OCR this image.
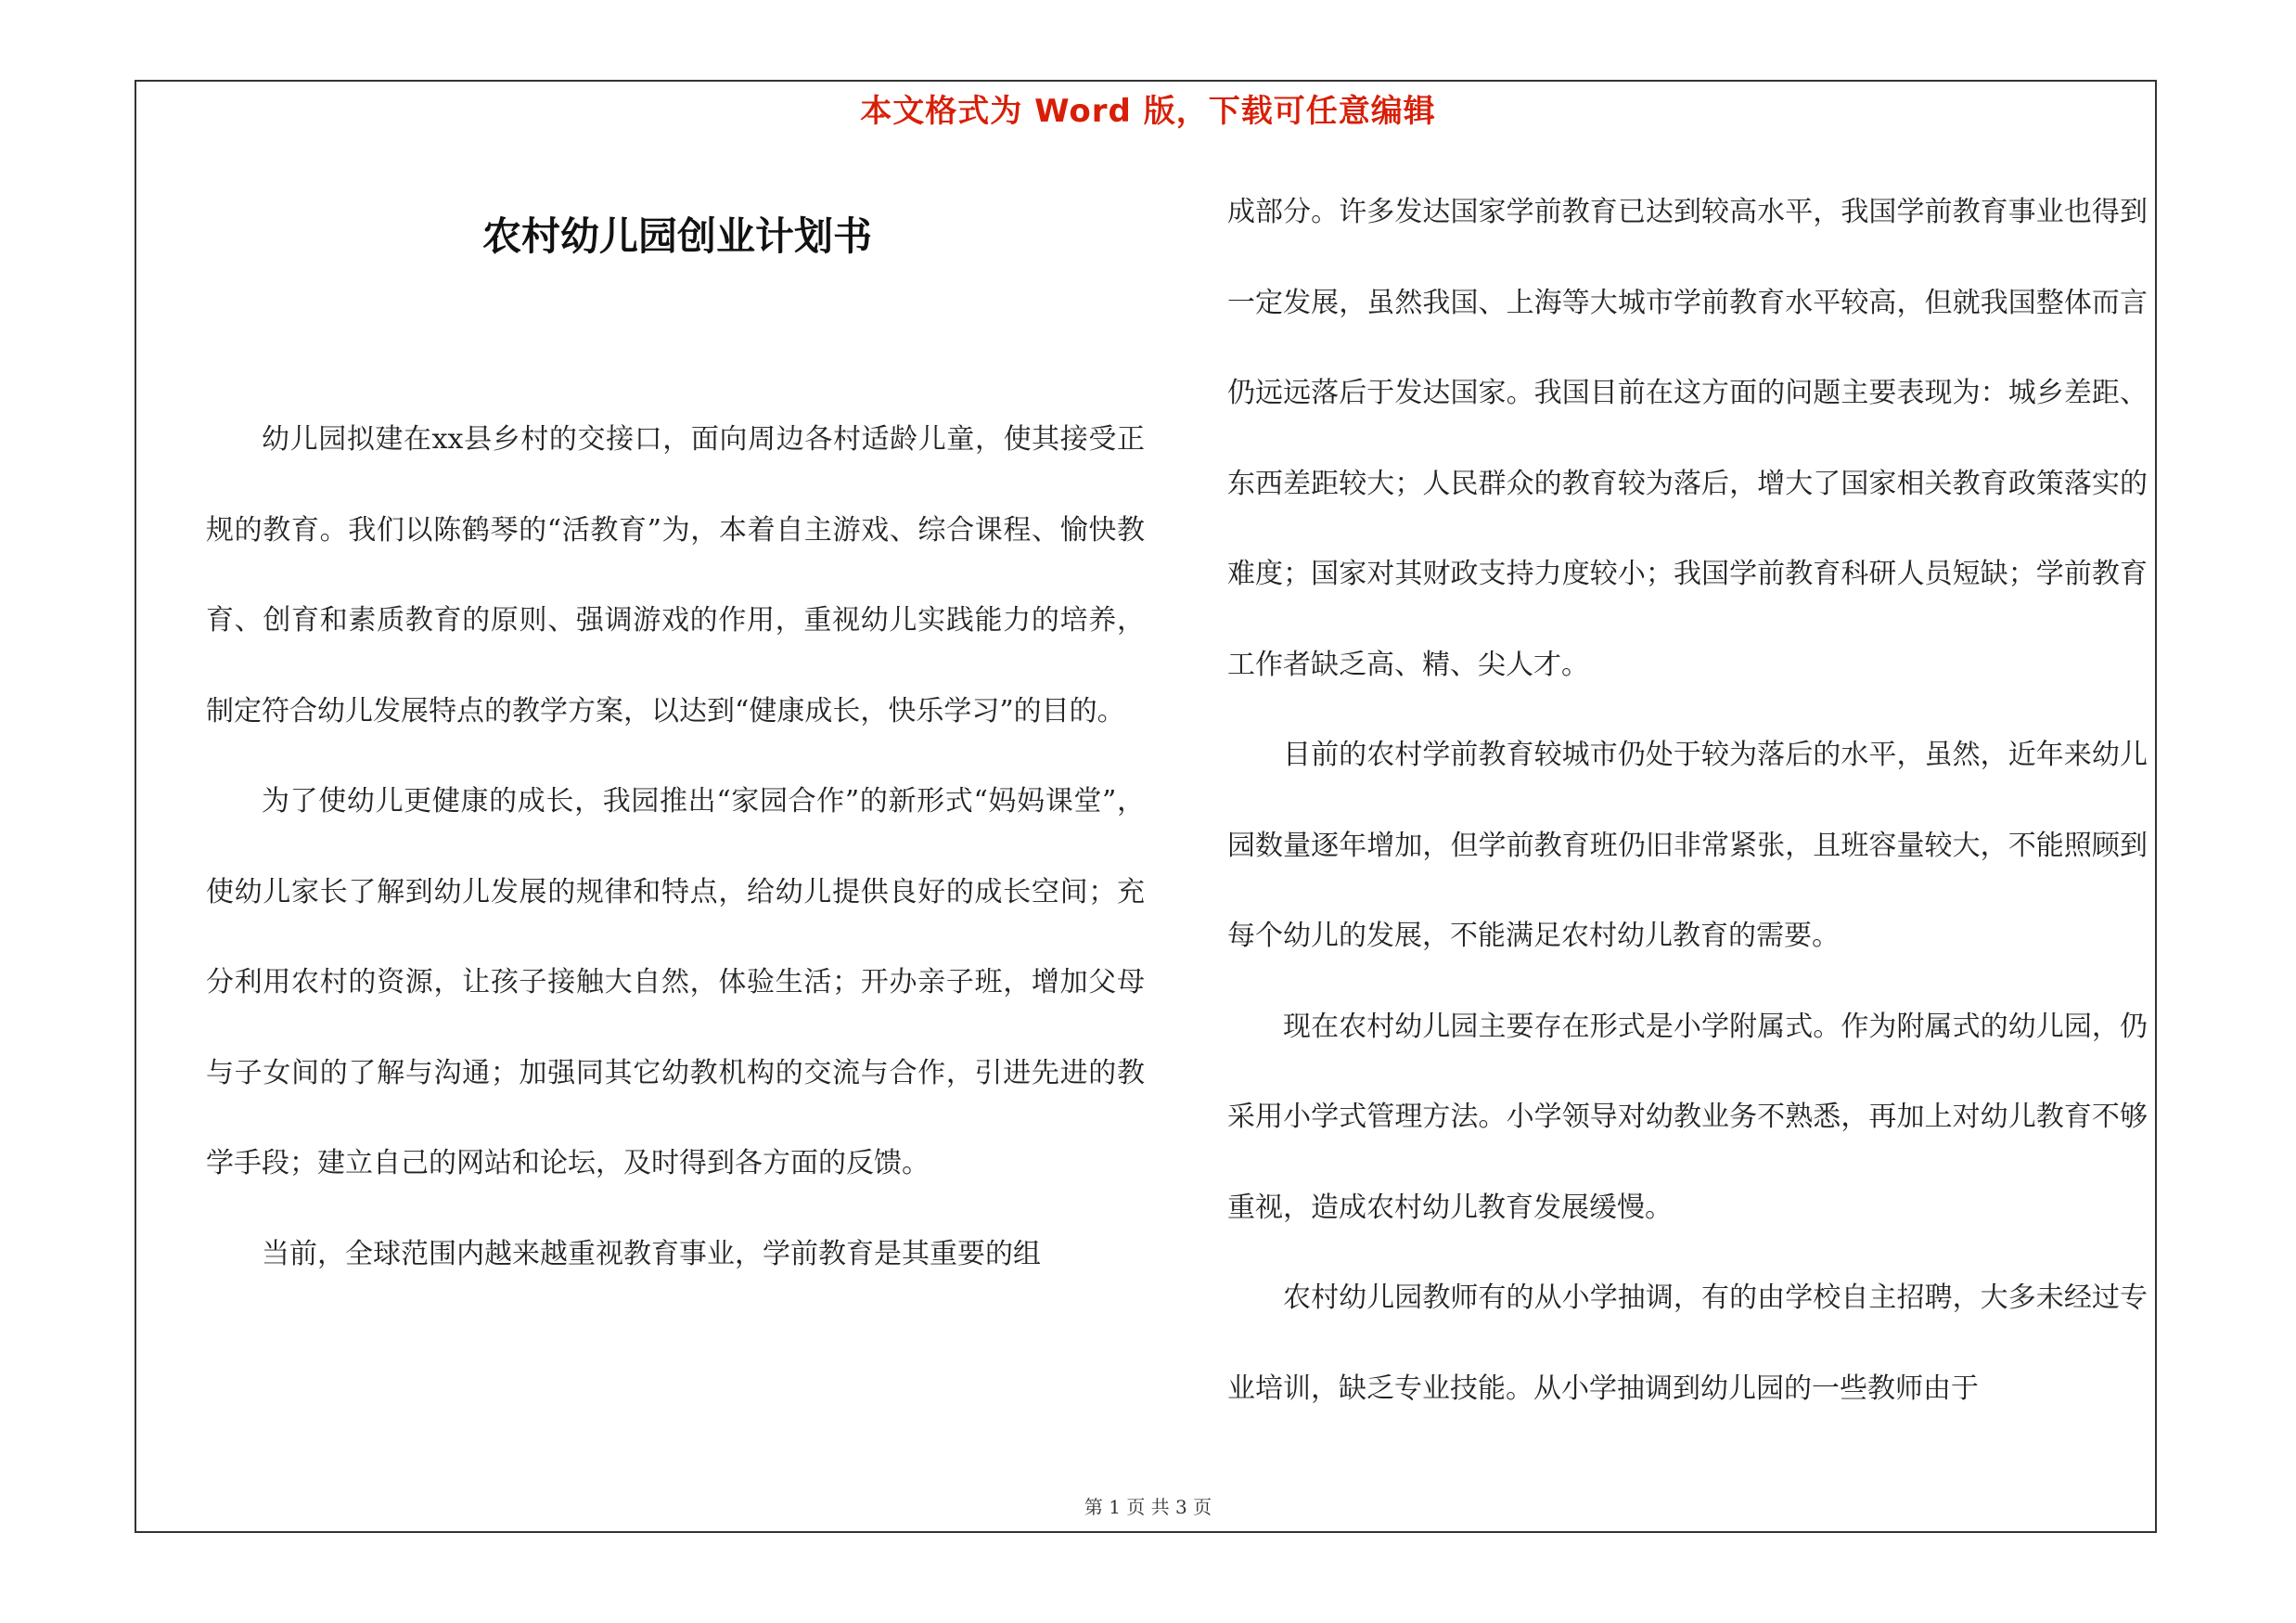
本文格式为 Word 版，下载可任意编辑
农村幼儿园创业计划书

幼儿园拟建在xx县乡村的交接口，面向周边各村适龄儿童，使其接受正规的教育。我们以陈鹤琴的“活教育”为，本着自主游戏、综合课程、愉快教育、创育和素质教育的原则、强调游戏的作用，重视幼儿实践能力的培养，制定符合幼儿发展特点的教学方案，以达到“健康成长，快乐学习”的目的。

为了使幼儿更健康的成长，我园推出“家园合作”的新形式“妈妈课堂”，使幼儿家长了解到幼儿发展的规律和特点，给幼儿提供良好的成长空间；充分利用农村的资源，让孩子接触大自然，体验生活；开办亲子班，增加父母与子女间的了解与沟通；加强同其它幼教机构的交流与合作，引进先进的教学手段；建立自己的网站和论坛，及时得到各方面的反馈。

当前，全球范围内越来越重视教育事业，学前教育是其重要的组

成部分。许多发达国家学前教育已达到较高水平，我国学前教育事业也得到一定发展，虽然我国、上海等大城市学前教育水平较高，但就我国整体而言仍远远落后于发达国家。我国目前在这方面的问题主要表现为：城乡差距、东西差距较大；人民群众的教育较为落后，增大了国家相关教育政策落实的难度；国家对其财政支持力度较小；我国学前教育科研人员短缺；学前教育工作者缺乏高、精、尖人才。

目前的农村学前教育较城市仍处于较为落后的水平，虽然，近年来幼儿园数量逐年增加，但学前教育班仍旧非常紧张，且班容量较大，不能照顾到每个幼儿的发展，不能满足农村幼儿教育的需要。

现在农村幼儿园主要存在形式是小学附属式。作为附属式的幼儿园，仍采用小学式管理方法。小学领导对幼教业务不熟悉，再加上对幼儿教育不够重视，造成农村幼儿教育发展缓慢。

农村幼儿园教师有的从小学抽调，有的由学校自主招聘，大多未经过专业培训，缺乏专业技能。从小学抽调到幼儿园的一些教师由于

第 1 页 共 3 页
